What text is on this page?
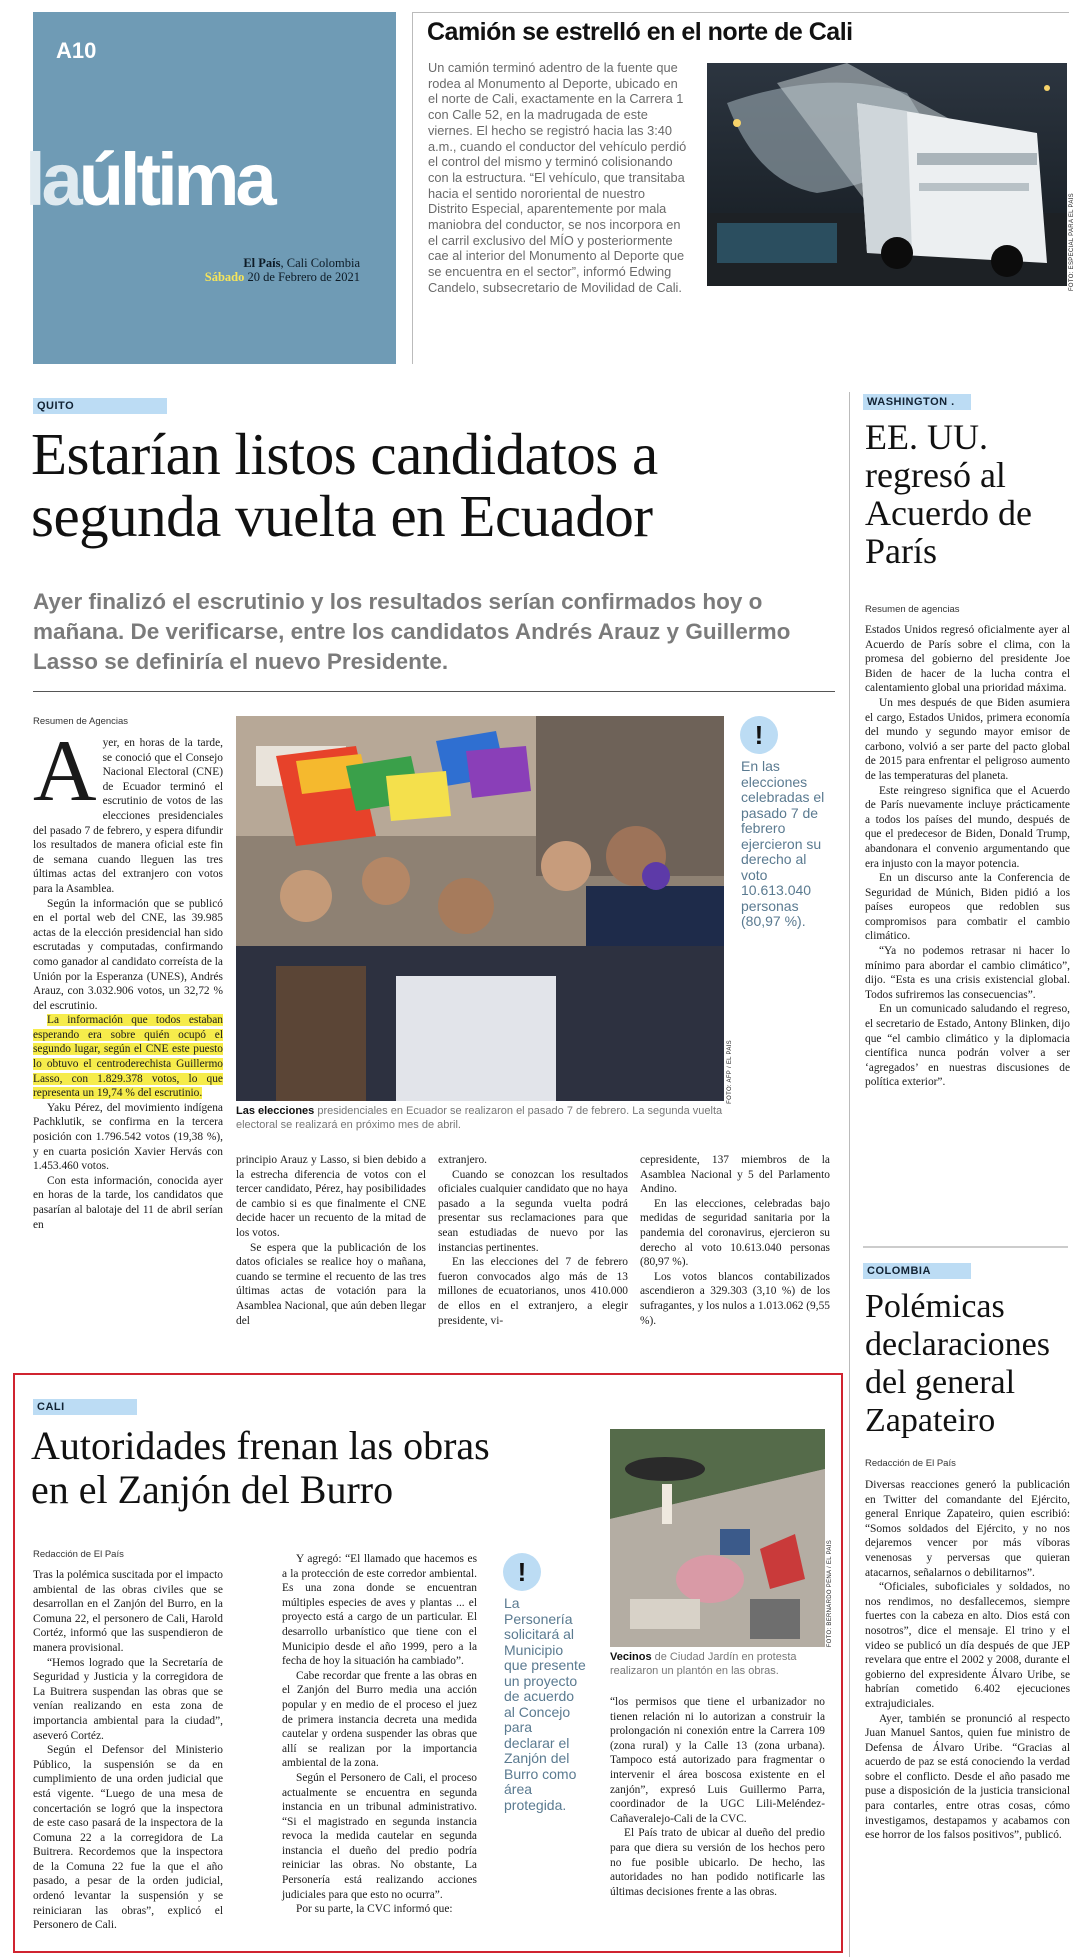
A10
laúltima
El País, Cali Colombia
Sábado 20 de Febrero de 2021
Camión se estrelló en el norte de Cali
Un camión terminó adentro de la fuente que rodea al Monumento al Deporte, ubicado en el norte de Cali, exactamente en la Carrera 1 con Calle 52, en la madrugada de este viernes. El hecho se registró hacia las 3:40 a.m., cuando el conductor del vehículo perdió el control del mismo y terminó colisionando con la estructura. “El vehículo, que transitaba hacia el sentido nororiental de nuestro Distrito Especial, aparentemente por mala maniobra del conductor, se nos incorpora en el carril exclusivo del MÍO y posteriormente cae al interior del Monumento al Deporte que se encuentra en el sector”, informó Edwing Candelo, subsecretario de Movilidad de Cali.	FOTO: ESPECIAL PARA EL PAÍS
QUITO
Estarían listos candidatos a
segunda vuelta en Ecuador
Ayer finalizó el escrutinio y los resultados serían confirmados hoy o mañana. De verificarse, entre los candidatos Andrés Arauz y Guillermo Lasso se definiría el nuevo Presidente.
Resumen de Agencias
A yer, en horas de la tarde, se conoció que el Consejo Nacional Electoral (CNE) de Ecuador terminó el escrutinio de votos de las elecciones presidenciales del pasado 7 de febrero, y espera difundir los resultados de manera oficial este fin de semana cuando lleguen las tres últimas actas del extranjero con votos para la Asamblea.

Según la información que se publicó en el portal web del CNE, las 39.985 actas de la elección presidencial han sido escrutadas y computadas, confirmando como ganador al candidato correísta de la Unión por la Esperanza (UNES), Andrés Arauz, con 3.032.906 votos, un 32,72 % del escrutinio.

La información que todos estaban esperando era sobre quién ocupó el segundo lugar, según el CNE este puesto lo obtuvo el centroderechista Guillermo Lasso, con 1.829.378 votos, lo que representa un 19,74 % del escrutinio.

Yaku Pérez, del movimiento indígena Pachklutik, se confirma en la tercera posición con 1.796.542 votos (19,38 %), y en cuarta posición Xavier Hervás con 1.453.460 votos.

Con esta información, conocida ayer en horas de la tarde, los candidatos que pasarían al balotaje del 11 de abril serían en

FOTO: AFP / EL PAÍS
!
En las elecciones celebradas el pasado 7 de febrero ejercieron su derecho al voto 10.613.040 personas (80,97 %).
Las elecciones presidenciales en Ecuador se realizaron el pasado 7 de febrero. La segunda vuelta electoral se realizará en próximo mes de abril.

principio Arauz y Lasso, si bien debido a la estrecha diferencia de votos con el tercer candidato, Pérez, hay posibilidades de cambio si es que finalmente el CNE decide hacer un recuento de la mitad de los votos.

Se espera que la publicación de los datos oficiales se realice hoy o mañana, cuando se termine el recuento de las tres últimas actas de votación para la Asamblea Nacional, que aún deben llegar del

extranjero.

Cuando se conozcan los resultados oficiales cualquier candidato que no haya pasado a la segunda vuelta podrá presentar sus reclamaciones para que sean estudiadas de nuevo por las instancias pertinentes.

En las elecciones del 7 de febrero fueron convocados algo más de 13 millones de ecuatorianos, unos 410.000 de ellos en el extranjero, a elegir presidente, vi-

cepresidente, 137 miembros de la Asamblea Nacional y 5 del Parlamento Andino.

En las elecciones, celebradas bajo medidas de seguridad sanitaria por la pandemia del coronavirus, ejercieron su derecho al voto 10.613.040 personas (80,97 %).

Los votos blancos contabilizados ascendieron a 329.303 (3,10 %) de los sufragantes, y los nulos a 1.013.062 (9,55 %).

WASHINGTON .
EE. UU. regresó al Acuerdo de París
Resumen de agencias

Estados Unidos regresó oficialmente ayer al Acuerdo de París sobre el clima, con la promesa del gobierno del presidente Joe Biden de hacer de la lucha contra el calentamiento global una prioridad máxima.

Un mes después de que Biden asumiera el cargo, Estados Unidos, primera economía del mundo y segundo mayor emisor de carbono, volvió a ser parte del pacto global de 2015 para enfrentar el peligroso aumento de las temperaturas del planeta.

Este reingreso significa que el Acuerdo de París nuevamente incluye prácticamente a todos los países del mundo, después de que el predecesor de Biden, Donald Trump, abandonara el convenio argumentando que era injusto con la mayor potencia.

En un discurso ante la Conferencia de Seguridad de Múnich, Biden pidió a los países europeos que redoblen sus compromisos para combatir el cambio climático.

“Ya no podemos retrasar ni hacer lo mínimo para abordar el cambio climático”, dijo. “Esta es una crisis existencial global. Todos sufriremos las consecuencias”.

En un comunicado saludando el regreso, el secretario de Estado, Antony Blinken, dijo que “el cambio climático y la diplomacia científica nunca podrán volver a ser ‘agregados’ en nuestras discusiones de política exterior”.

COLOMBIA
Polémicas declaraciones del general Zapateiro
Redacción de El País

Diversas reacciones generó la publicación en Twitter del comandante del Ejército, general Enrique Zapateiro, quien escribió: “Somos soldados del Ejército, y no nos dejaremos vencer por más víboras venenosas y perversas que quieran atacarnos, señalarnos o debilitarnos”.

“Oficiales, suboficiales y soldados, no nos rendimos, no desfallecemos, siempre fuertes con la cabeza en alto. Dios está con nosotros”, dice el mensaje. El trino y el video se publicó un día después de que JEP revelara que entre el 2002 y 2008, durante el gobierno del expresidente Álvaro Uribe, se habrían cometido 6.402 ejecuciones extrajudiciales.

Ayer, también se pronunció al respecto Juan Manuel Santos, quien fue ministro de Defensa de Álvaro Uribe. “Gracias al acuerdo de paz se está conociendo la verdad sobre el conflicto. Desde el año pasado me puse a disposición de la justicia transicional para contarles, entre otras cosas, cómo investigamos, destapamos y acabamos con ese horror de los falsos positivos”, publicó.

CALI
Autoridades frenan las obras
en el Zanjón del Burro
Redacción de El País

Tras la polémica suscitada por el impacto ambiental de las obras civiles que se desarrollan en el Zanjón del Burro, en la Comuna 22, el personero de Cali, Harold Cortéz, informó que las suspendieron de manera provisional.

“Hemos logrado que la Secretaría de Seguridad y Justicia y la corregidora de La Buitrera suspendan las obras que se venían realizando en esta zona de importancia ambiental para la ciudad”, aseveró Cortéz.

Según el Defensor del Ministerio Público, la suspensión se da en cumplimiento de una orden judicial que está vigente. “Luego de una mesa de concertación se logró que la inspectora de este caso pasará de la inspectora de la Comuna 22 a la corregidora de La Buitrera. Recordemos que la inspectora de la Comuna 22 fue la que el año pasado, a pesar de la orden judicial, ordenó levantar la suspensión y se reiniciaran las obras”, explicó el Personero de Cali.

Y agregó: “El llamado que hacemos es a la protección de este corredor ambiental. Es una zona donde se encuentran múltiples especies de aves y plantas ... el proyecto está a cargo de un particular. El desarrollo urbanístico que tiene con el Municipio desde el año 1999, pero a la fecha de hoy la situación ha cambiado”.

Cabe recordar que frente a las obras en el Zanjón del Burro media una acción popular y en medio de el proceso el juez de primera instancia decreta una medida cautelar y ordena suspender las obras que allí se realizan por la importancia ambiental de la zona.

Según el Personero de Cali, el proceso actualmente se encuentra en segunda instancia en un tribunal administrativo. “Si el magistrado en segunda instancia revoca la medida cautelar en segunda instancia el dueño del predio podría reiniciar las obras. No obstante, La Personería está realizando acciones judiciales para que esto no ocurra”.

Por su parte, la CVC informó que:

!
La Personería solicitará al Municipio que presente un proyecto de acuerdo al Concejo para declarar el Zanjón del Burro como área protegida.
FOTO: BERNARDO PEÑA / EL PAÍS
Vecinos de Ciudad Jardín en protesta realizaron un plantón en las obras.

“los permisos que tiene el urbanizador no tienen relación ni lo autorizan a construir la prolongación ni conexión entre la Carrera 109 (zona rural) y la Calle 13 (zona urbana). Tampoco está autorizado para fragmentar o intervenir el área boscosa existente en el zanjón”, expresó Luis Guillermo Parra, coordinador de la UGC Lili-Meléndez-Cañaveralejo-Cali de la CVC.

El País trato de ubicar al dueño del predio para que diera su versión de los hechos pero no fue posible ubicarlo. De hecho, las autoridades no han podido notificarle las últimas decisiones frente a las obras.
